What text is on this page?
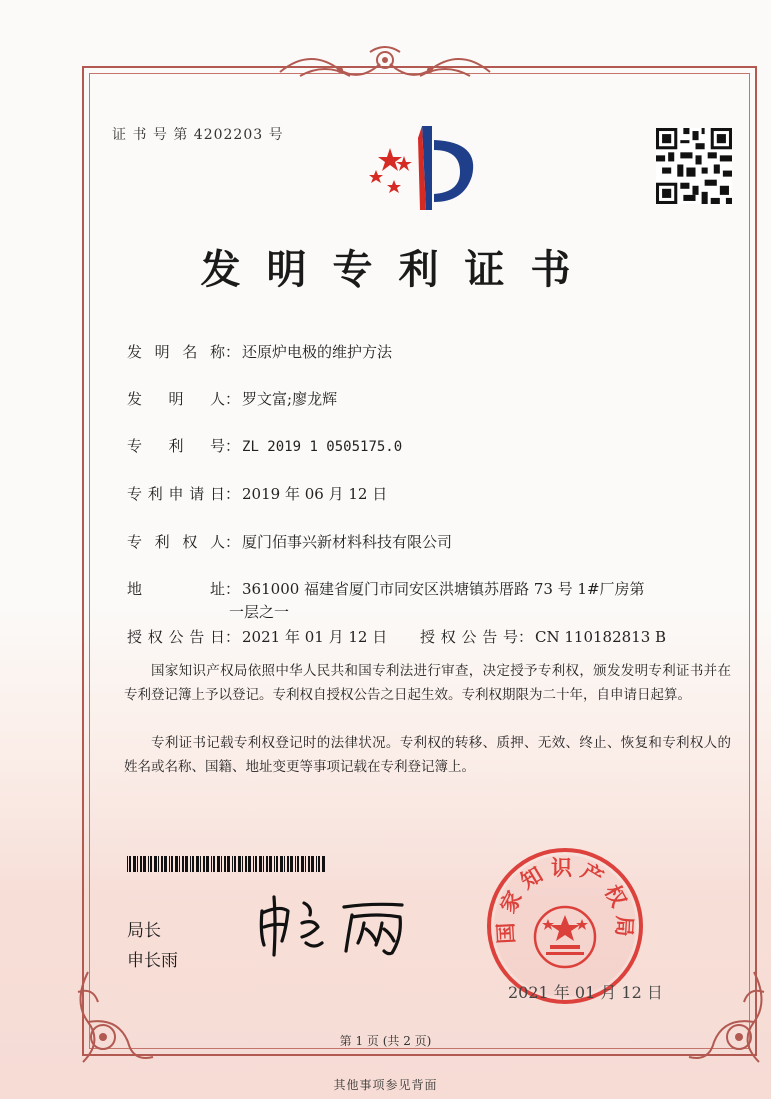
证 书 号 第 4202203 号
发明专利证书
发明名称： 还原炉电极的维护方法
发明人： 罗文富;廖龙辉
专利号： ZL 2019 1 0505175.0
专利申请日： 2019 年 06 月 12 日
专利权人： 厦门佰事兴新材料科技有限公司
地址： 361000 福建省厦门市同安区洪塘镇苏厝路 73 号 1#厂房第
一层之一
授权公告日： 2021 年 01 月 12 日 授权公告号： CN 110182813 B

国家知识产权局依照中华人民共和国专利法进行审查，决定授予专利权，颁发发明专利证书并在专利登记簿上予以登记。专利权自授权公告之日起生效。专利权期限为二十年，自申请日起算。

专利证书记载专利权登记时的法律状况。专利权的转移、质押、无效、终止、恢复和专利权人的姓名或名称、国籍、地址变更等事项记载在专利登记簿上。

局长
申长雨
国家知识产权局
2021 年 01 月 12 日
第 1 页 (共 2 页)
其他事项参见背面
